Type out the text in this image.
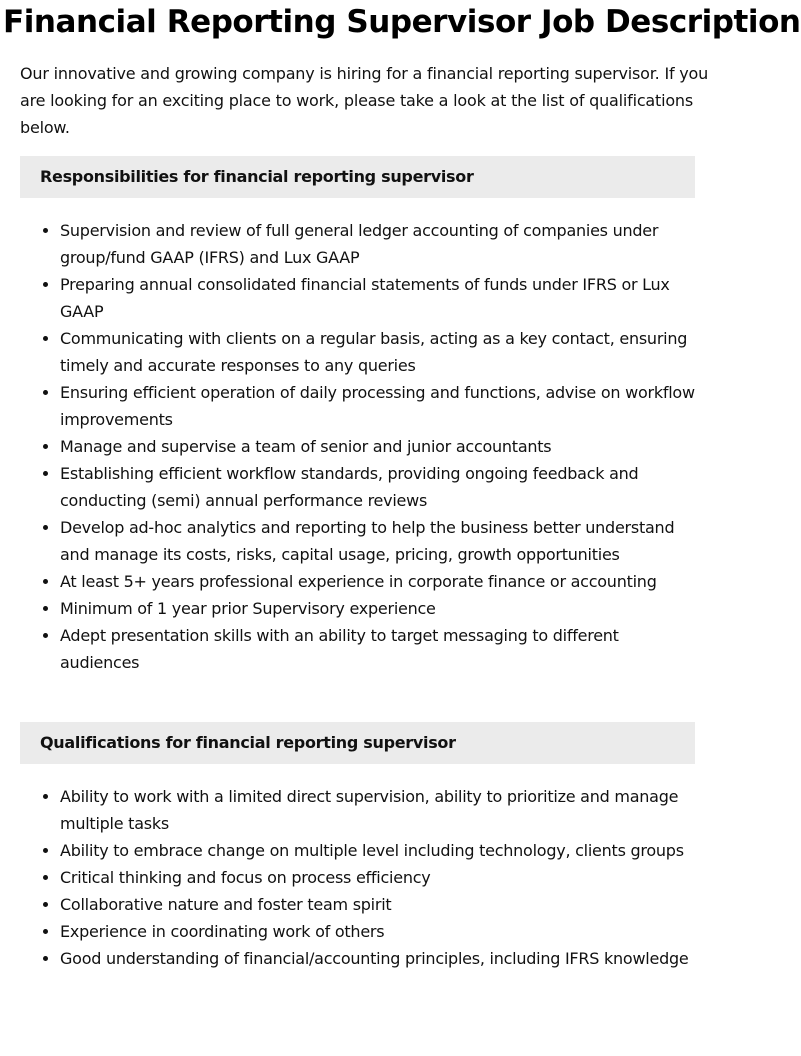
Financial Reporting Supervisor Job Description

Our innovative and growing company is hiring for a financial reporting supervisor. If you are looking for an exciting place to work, please take a look at the list of qualifications below.

Responsibilities for financial reporting supervisor
• Supervision and review of full general ledger accounting of companies under group/fund GAAP (IFRS) and Lux GAAP
• Preparing annual consolidated financial statements of funds under IFRS or Lux GAAP
• Communicating with clients on a regular basis, acting as a key contact, ensuring timely and accurate responses to any queries
• Ensuring efficient operation of daily processing and functions, advise on workflow improvements
• Manage and supervise a team of senior and junior accountants
• Establishing efficient workflow standards, providing ongoing feedback and conducting (semi) annual performance reviews
• Develop ad-hoc analytics and reporting to help the business better understand and manage its costs, risks, capital usage, pricing, growth opportunities
• At least 5+ years professional experience in corporate finance or accounting
• Minimum of 1 year prior Supervisory experience
• Adept presentation skills with an ability to target messaging to different audiences
Qualifications for financial reporting supervisor
• Ability to work with a limited direct supervision, ability to prioritize and manage multiple tasks
• Ability to embrace change on multiple level including technology, clients groups
• Critical thinking and focus on process efficiency
• Collaborative nature and foster team spirit
• Experience in coordinating work of others
• Good understanding of financial/accounting principles, including IFRS knowledge
